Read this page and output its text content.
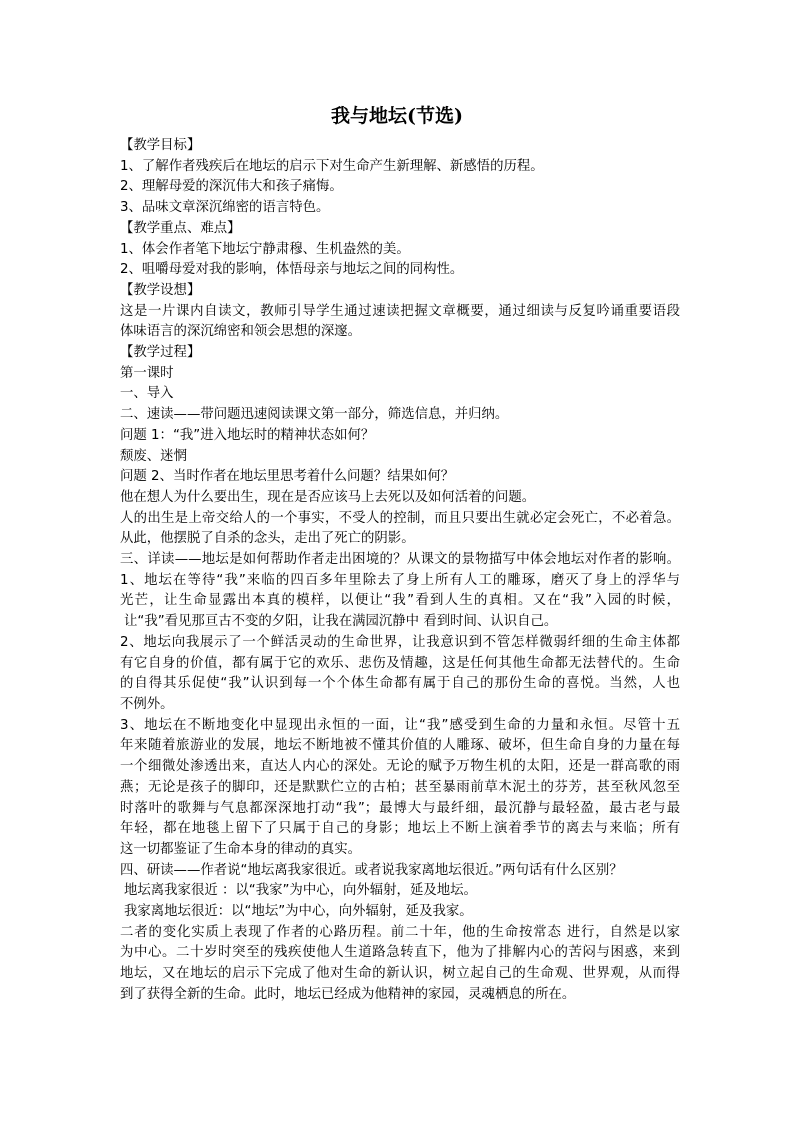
我与地坛(节选)
【教学目标】
1、了解作者残疾后在地坛的启示下对生命产生新理解、新感悟的历程。
2、理解母爱的深沉伟大和孩子痛悔。
3、品味文章深沉绵密的语言特色。
【教学重点、难点】
1、体会作者笔下地坛宁静肃穆、生机盎然的美。
2、咀嚼母爱对我的影响，体悟母亲与地坛之间的同构性。
【教学设想】
这是一片课内自读文，教师引导学生通过速读把握文章概要，通过细读与反复吟诵重要语段
体味语言的深沉绵密和领会思想的深邃。
【教学过程】
第一课时
一、导入
二、速读——带问题迅速阅读课文第一部分，筛选信息，并归纳。
问题 1：“我”进入地坛时的精神状态如何？
颓废、迷惘
问题 2、当时作者在地坛里思考着什么问题？结果如何？
他在想人为什么要出生，现在是否应该马上去死以及如何活着的问题。
人的出生是上帝交给人的一个事实，不受人的控制，而且只要出生就必定会死亡，不必着急。
从此，他摆脱了自杀的念头，走出了死亡的阴影。
三、详读——地坛是如何帮助作者走出困境的？从课文的景物描写中体会地坛对作者的影响。
1、地坛在等待“我”来临的四百多年里除去了身上所有人工的雕琢，磨灭了身上的浮华与
光芒，让生命显露出本真的模样，以便让“我”看到人生的真相。又在“我”入园的时候，
让“我”看见那亘古不变的夕阳，让我在满园沉静中 看到时间、认识自己。
2、地坛向我展示了一个鲜活灵动的生命世界，让我意识到不管怎样微弱纤细的生命主体都
有它自身的价值，都有属于它的欢乐、悲伤及情趣，这是任何其他生命都无法替代的。生命
的自得其乐促使“我”认识到每一个个体生命都有属于自己的那份生命的喜悦。当然，人也
不例外。
3、地坛在不断地变化中显现出永恒的一面，让“我”感受到生命的力量和永恒。尽管十五
年来随着旅游业的发展，地坛不断地被不懂其价值的人雕琢、破坏，但生命自身的力量在每
一个细微处渗透出来，直达人内心的深处。无论的赋予万物生机的太阳，还是一群高歌的雨
燕；无论是孩子的脚印，还是默默伫立的古柏；甚至暴雨前草木泥土的芬芳，甚至秋风忽至
时落叶的歌舞与气息都深深地打动“我”；最博大与最纤细，最沉静与最轻盈，最古老与最
年轻，都在地毯上留下了只属于自己的身影；地坛上不断上演着季节的离去与来临；所有
这一切都鉴证了生命本身的律动的真实。
四、研读——作者说“地坛离我家很近。或者说我家离地坛很近。”两句话有什么区别？
地坛离我家很近 ：以“我家”为中心，向外辐射，延及地坛。
我家离地坛很近：以“地坛”为中心，向外辐射，延及我家。
二者的变化实质上表现了作者的心路历程。前二十年，他的生命按常态 进行，自然是以家
为中心。二十岁时突至的残疾使他人生道路急转直下，他为了排解内心的苦闷与困惑，来到
地坛，又在地坛的启示下完成了他对生命的新认识，树立起自己的生命观、世界观，从而得
到了获得全新的生命。此时，地坛已经成为他精神的家园，灵魂栖息的所在。
